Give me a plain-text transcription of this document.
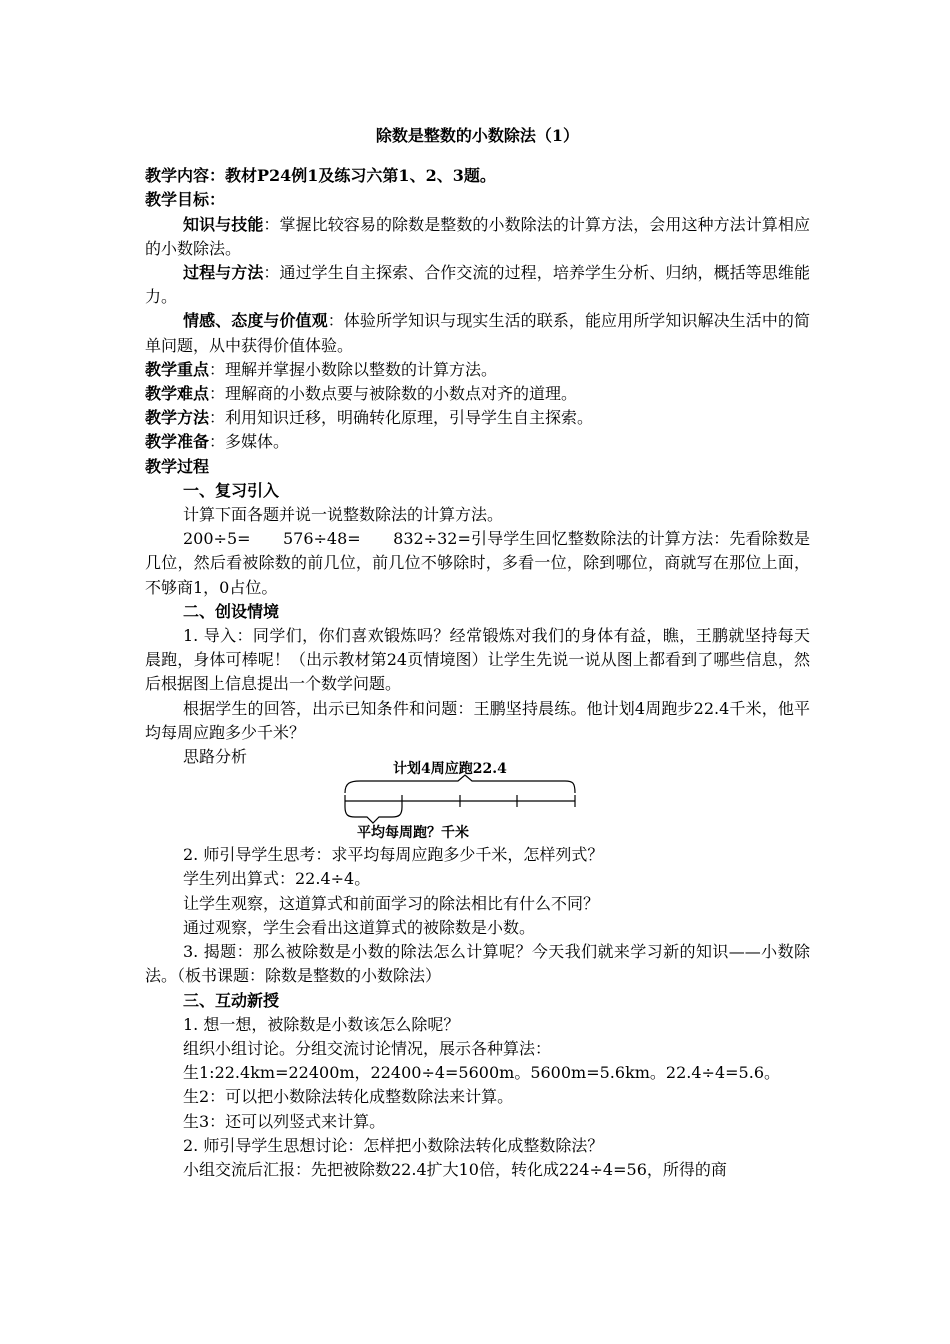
除数是整数的小数除法（1）

教学内容：教材P24例1及练习六第1、2、3题。

教学目标：

知识与技能：掌握比较容易的除数是整数的小数除法的计算方法，会用这种方法计算相应的小数除法。

过程与方法：通过学生自主探索、合作交流的过程，培养学生分析、归纳，概括等思维能力。

情感、态度与价值观：体验所学知识与现实生活的联系，能应用所学知识解决生活中的简单问题，从中获得价值体验。

教学重点：理解并掌握小数除以整数的计算方法。

教学难点：理解商的小数点要与被除数的小数点对齐的道理。

教学方法：利用知识迁移，明确转化原理，引导学生自主探索。

教学准备：多媒体。

教学过程

一、复习引入

计算下面各题并说一说整数除法的计算方法。

200÷5=　　576÷48=　　832÷32=引导学生回忆整数除法的计算方法：先看除数是几位，然后看被除数的前几位，前几位不够除时，多看一位，除到哪位，商就写在那位上面，不够商1，0占位。

二、创设情境

1. 导入：同学们，你们喜欢锻炼吗？经常锻炼对我们的身体有益，瞧，王鹏就坚持每天晨跑，身体可棒呢！（出示教材第24页情境图）让学生先说一说从图上都看到了哪些信息，然后根据图上信息提出一个数学问题。

根据学生的回答，出示已知条件和问题：王鹏坚持晨练。他计划4周跑步22.4千米，他平均每周应跑多少千米？

思路分析

计划4周应跑22.4
平均每周跑？千米

2. 师引导学生思考：求平均每周应跑多少千米，怎样列式？

学生列出算式：22.4÷4。

让学生观察，这道算式和前面学习的除法相比有什么不同？

通过观察，学生会看出这道算式的被除数是小数。

3. 揭题：那么被除数是小数的除法怎么计算呢？今天我们就来学习新的知识——小数除法。（板书课题：除数是整数的小数除法）

三、互动新授

1. 想一想，被除数是小数该怎么除呢？

组织小组讨论。分组交流讨论情况，展示各种算法：

生1:22.4km=22400m，22400÷4=5600m。5600m=5.6km。22.4÷4=5.6。

生2：可以把小数除法转化成整数除法来计算。

生3：还可以列竖式来计算。

2. 师引导学生思想讨论：怎样把小数除法转化成整数除法？

小组交流后汇报：先把被除数22.4扩大10倍，转化成224÷4=56，所得的商
